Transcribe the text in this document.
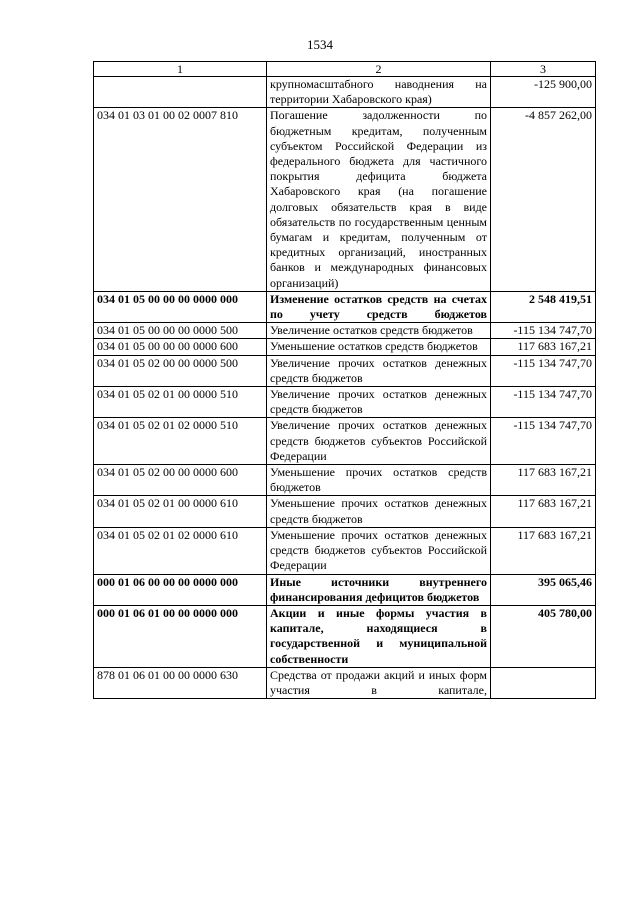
1534
1	2	3
	крупномасштабного наводнения на территории Хабаровского края)	-125 900,00
034 01 03 01 00 02 0007 810	Погашение задолженности по бюджетным кредитам, полученным субъектом Российской Федерации из федерального бюджета для частичного покрытия дефицита бюджета Хабаровского края (на погашение долговых обязательств края в виде обязательств по государственным ценным бумагам и кредитам, полученным от кредитных организаций, иностранных банков и международных финансовых организаций)	-4 857 262,00
034 01 05 00 00 00 0000 000	Изменение остатков средств на счетах по учету средств бюджетов	2 548 419,51
034 01 05 00 00 00 0000 500	Увеличение остатков средств бюджетов	-115 134 747,70
034 01 05 00 00 00 0000 600	Уменьшение остатков средств бюджетов	117 683 167,21
034 01 05 02 00 00 0000 500	Увеличение прочих остатков денежных средств бюджетов	-115 134 747,70
034 01 05 02 01 00 0000 510	Увеличение прочих остатков денежных средств бюджетов	-115 134 747,70
034 01 05 02 01 02 0000 510	Увеличение прочих остатков денежных средств бюджетов субъектов Российской Федерации	-115 134 747,70
034 01 05 02 00 00 0000 600	Уменьшение прочих остатков средств бюджетов	117 683 167,21
034 01 05 02 01 00 0000 610	Уменьшение прочих остатков денежных средств бюджетов	117 683 167,21
034 01 05 02 01 02 0000 610	Уменьшение прочих остатков денежных средств бюджетов субъектов Российской Федерации	117 683 167,21
000 01 06 00 00 00 0000 000	Иные источники внутреннего финансирования дефицитов бюджетов	395 065,46
000 01 06 01 00 00 0000 000	Акции и иные формы участия в капитале, находящиеся в государственной и муниципальной собственности	405 780,00
878 01 06 01 00 00 0000 630	Средства от продажи акций и иных форм участия в капитале,	
